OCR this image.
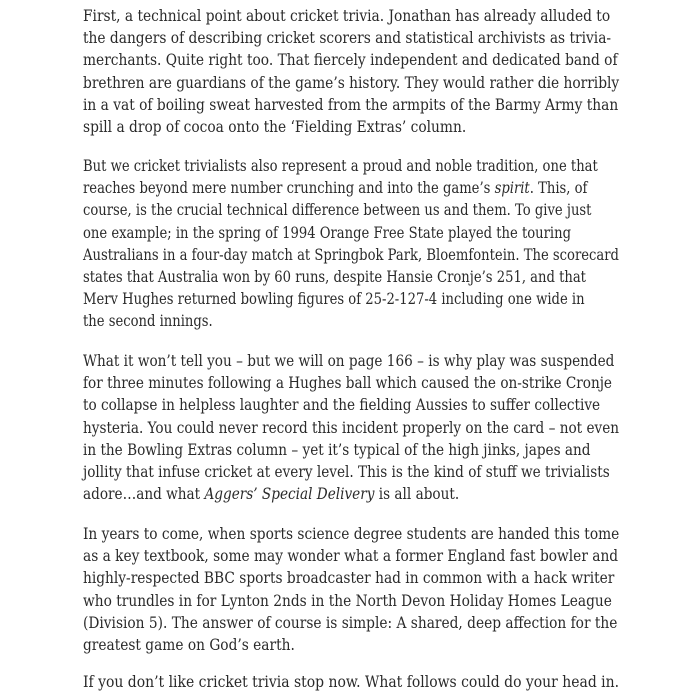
First, a technical point about cricket trivia. Jonathan has already alluded to
the dangers of describing cricket scorers and statistical archivists as trivia-
merchants. Quite right too. That fiercely independent and dedicated band of
brethren are guardians of the game’s history. They would rather die horribly
in a vat of boiling sweat harvested from the armpits of the Barmy Army than
spill a drop of cocoa onto the ‘Fielding Extras’ column.

But we cricket trivialists also represent a proud and noble tradition, one that
reaches beyond mere number crunching and into the game’s spirit. This, of
course, is the crucial technical difference between us and them. To give just
one example; in the spring of 1994 Orange Free State played the touring
Australians in a four-day match at Springbok Park, Bloemfontein. The scorecard
states that Australia won by 60 runs, despite Hansie Cronje’s 251, and that
Merv Hughes returned bowling figures of 25-2-127-4 including one wide in
the second innings.

What it won’t tell you – but we will on page 166 – is why play was suspended
for three minutes following a Hughes ball which caused the on-strike Cronje
to collapse in helpless laughter and the fielding Aussies to suffer collective
hysteria. You could never record this incident properly on the card – not even
in the Bowling Extras column – yet it’s typical of the high jinks, japes and
jollity that infuse cricket at every level. This is the kind of stuff we trivialists
adore…and what Aggers’ Special Delivery is all about.

In years to come, when sports science degree students are handed this tome
as a key textbook, some may wonder what a former England fast bowler and
highly-respected BBC sports broadcaster had in common with a hack writer
who trundles in for Lynton 2nds in the North Devon Holiday Homes League
(Division 5). The answer of course is simple: A shared, deep affection for the
greatest game on God’s earth.

If you don’t like cricket trivia stop now. What follows could do your head in.
